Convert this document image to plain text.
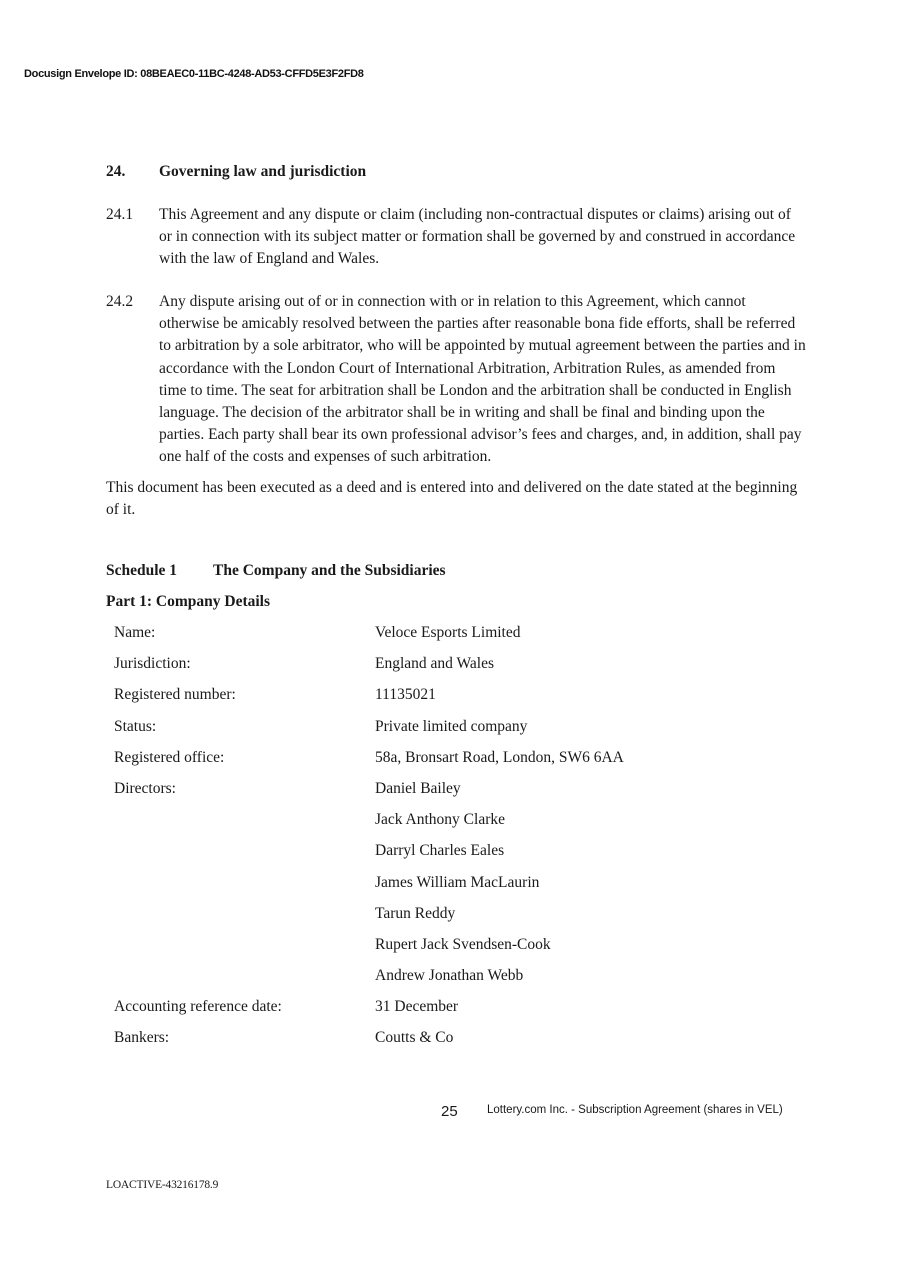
Docusign Envelope ID: 08BEAEC0-11BC-4248-AD53-CFFD5E3F2FD8
24. Governing law and jurisdiction
24.1 This Agreement and any dispute or claim (including non-contractual disputes or claims) arising out of or in connection with its subject matter or formation shall be governed by and construed in accordance with the law of England and Wales.
24.2 Any dispute arising out of or in connection with or in relation to this Agreement, which cannot otherwise be amicably resolved between the parties after reasonable bona fide efforts, shall be referred to arbitration by a sole arbitrator, who will be appointed by mutual agreement between the parties and in accordance with the London Court of International Arbitration, Arbitration Rules, as amended from time to time. The seat for arbitration shall be London and the arbitration shall be conducted in English language. The decision of the arbitrator shall be in writing and shall be final and binding upon the parties. Each party shall bear its own professional advisor’s fees and charges, and, in addition, shall pay one half of the costs and expenses of such arbitration.
This document has been executed as a deed and is entered into and delivered on the date stated at the beginning of it.
Schedule 1 The Company and the Subsidiaries
Part 1: Company Details
Name:	Veloce Esports Limited
Jurisdiction:	England and Wales
Registered number:	11135021
Status:	Private limited company
Registered office:	58a, Bronsart Road, London, SW6 6AA
Directors:	Daniel Bailey
Jack Anthony Clarke
Darryl Charles Eales
James William MacLaurin
Tarun Reddy
Rupert Jack Svendsen-Cook
Andrew Jonathan Webb
Accounting reference date:	31 December
Bankers:	Coutts & Co
25	Lottery.com Inc. - Subscription Agreement (shares in VEL)
LOACTIVE-43216178.9
